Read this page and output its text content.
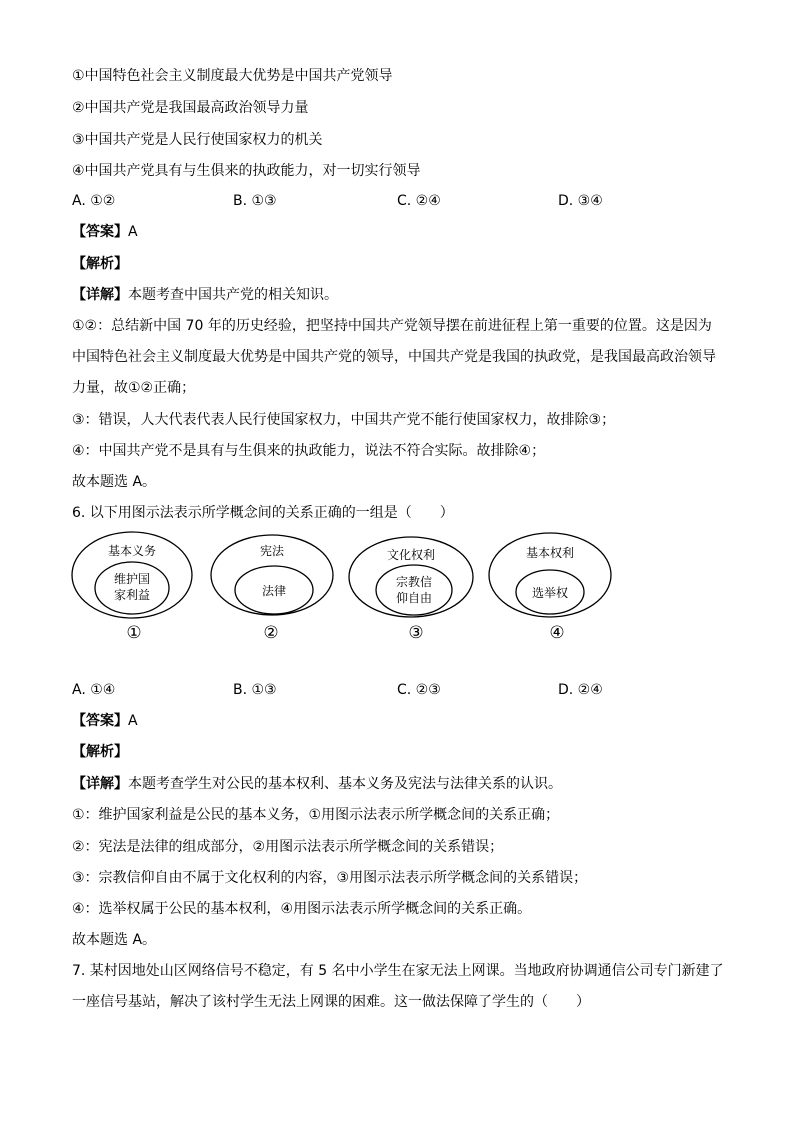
①中国特色社会主义制度最大优势是中国共产党领导
②中国共产党是我国最高政治领导力量
③中国共产党是人民行使国家权力的机关
④中国共产党具有与生俱来的执政能力，对一切实行领导
A. ①②	B. ①③	C. ②④	D. ③④
【答案】A
【解析】
【详解】本题考查中国共产党的相关知识。
①②：总结新中国 70 年的历史经验，把坚持中国共产党领导摆在前进征程上第一重要的位置。这是因为
中国特色社会主义制度最大优势是中国共产党的领导，中国共产党是我国的执政党，是我国最高政治领导
力量，故①②正确；
③：错误，人大代表代表人民行使国家权力，中国共产党不能行使国家权力，故排除③；
④：中国共产党不是具有与生俱来的执政能力，说法不符合实际。故排除④；
故本题选 A。
6. 以下用图示法表示所学概念间的关系正确的一组是（　　）
基本义务
维护国
家利益
①
宪法
法律
②
文化权利
宗教信
仰自由
③
基本权利
选举权
④
A. ①④	B. ①③	C. ②③	D. ②④
【答案】A
【解析】
【详解】本题考查学生对公民的基本权利、基本义务及宪法与法律关系的认识。
①：维护国家利益是公民的基本义务，①用图示法表示所学概念间的关系正确；
②：宪法是法律的组成部分，②用图示法表示所学概念间的关系错误；
③：宗教信仰自由不属于文化权利的内容，③用图示法表示所学概念间的关系错误；
④：选举权属于公民的基本权利，④用图示法表示所学概念间的关系正确。
故本题选 A。
7. 某村因地处山区网络信号不稳定，有 5 名中小学生在家无法上网课。当地政府协调通信公司专门新建了
一座信号基站，解决了该村学生无法上网课的困难。这一做法保障了学生的（　　）
